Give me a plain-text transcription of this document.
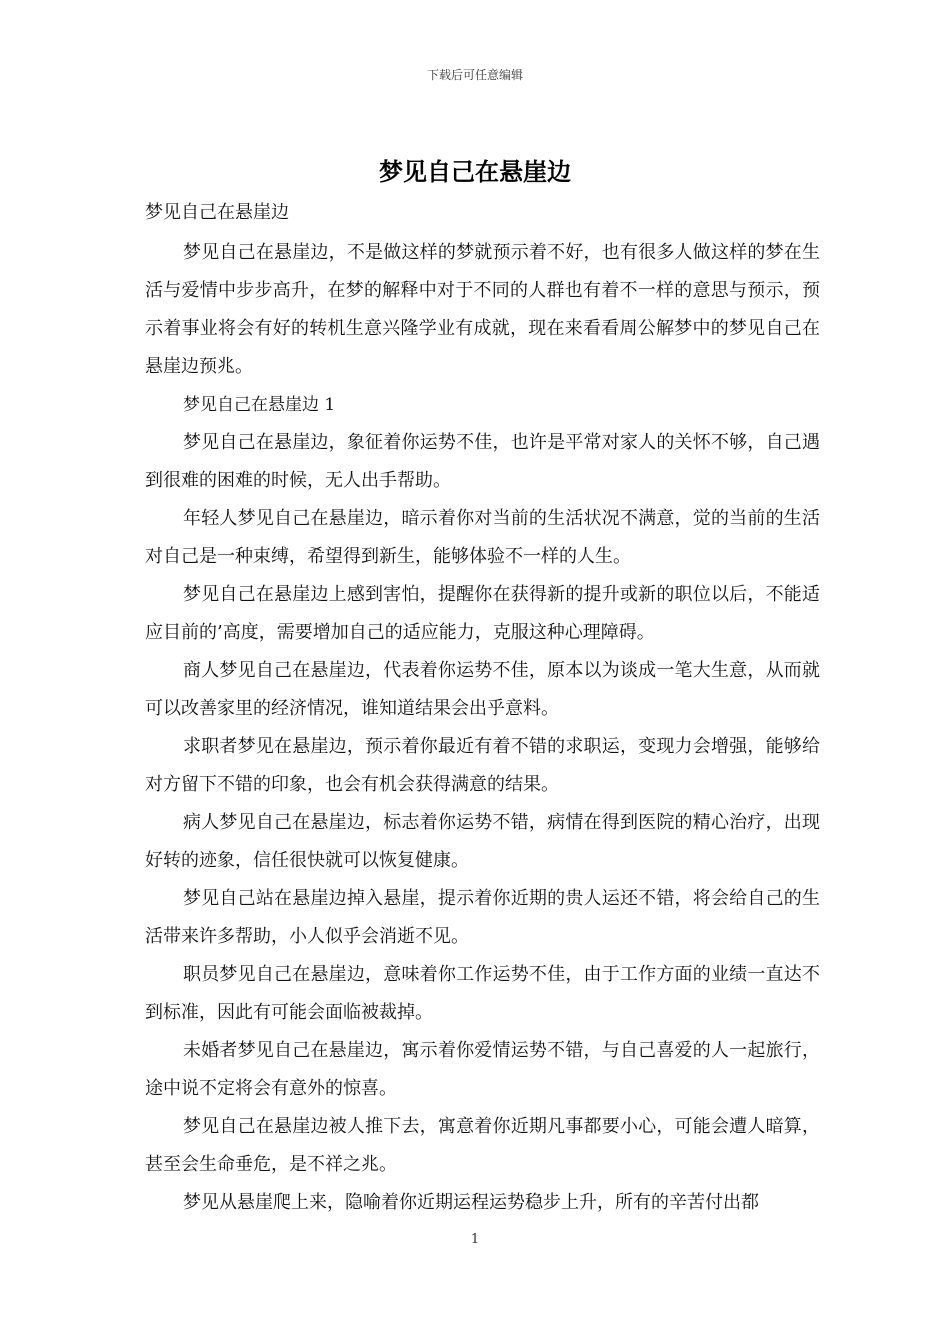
下载后可任意编辑
梦见自己在悬崖边

梦见自己在悬崖边

梦见自己在悬崖边，不是做这样的梦就预示着不好，也有很多人做这样的梦在生活与爱情中步步高升，在梦的解释中对于不同的人群也有着不一样的意思与预示，预示着事业将会有好的转机生意兴隆学业有成就，现在来看看周公解梦中的梦见自己在悬崖边预兆。

梦见自己在悬崖边 1

梦见自己在悬崖边，象征着你运势不佳，也许是平常对家人的关怀不够，自己遇到很难的困难的时候，无人出手帮助。

年轻人梦见自己在悬崖边，暗示着你对当前的生活状况不满意，觉的当前的生活对自己是一种束缚，希望得到新生，能够体验不一样的人生。

梦见自己在悬崖边上感到害怕，提醒你在获得新的提升或新的职位以后，不能适应目前的’高度，需要增加自己的适应能力，克服这种心理障碍。

商人梦见自己在悬崖边，代表着你运势不佳，原本以为谈成一笔大生意，从而就可以改善家里的经济情况，谁知道结果会出乎意料。

求职者梦见在悬崖边，预示着你最近有着不错的求职运，变现力会增强，能够给对方留下不错的印象，也会有机会获得满意的结果。

病人梦见自己在悬崖边，标志着你运势不错，病情在得到医院的精心治疗，出现好转的迹象，信任很快就可以恢复健康。

梦见自己站在悬崖边掉入悬崖，提示着你近期的贵人运还不错，将会给自己的生活带来许多帮助，小人似乎会消逝不见。

职员梦见自己在悬崖边，意味着你工作运势不佳，由于工作方面的业绩一直达不到标准，因此有可能会面临被裁掉。

未婚者梦见自己在悬崖边，寓示着你爱情运势不错，与自己喜爱的人一起旅行，途中说不定将会有意外的惊喜。

梦见自己在悬崖边被人推下去，寓意着你近期凡事都要小心，可能会遭人暗算，甚至会生命垂危，是不祥之兆。

梦见从悬崖爬上来，隐喻着你近期运程运势稳步上升，所有的辛苦付出都

1
